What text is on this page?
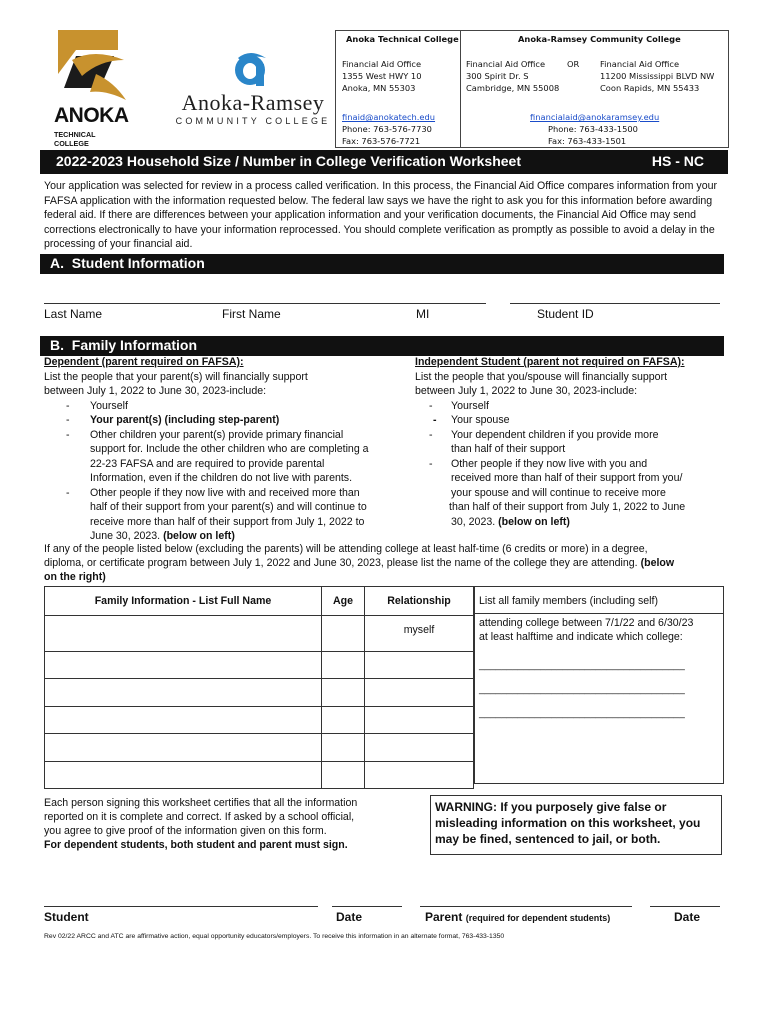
ANOKA
TECHNICAL COLLEGE
Anoka-Ramsey
COMMUNITY COLLEGE
Anoka Technical College	Anoka-Ramsey Community College
Financial Aid Office
1355 West HWY 10
Anoka, MN 55303
Financial Aid Office
300 Spirit Dr. S
Cambridge, MN 55008
OR Financial Aid Office
11200 Mississippi BLVD NW
Coon Rapids, MN 55433
finaid@anokatech.edu
Phone: 763-576-7730
Fax: 763-576-7721
financialaid@anokaramsey.edu
Phone: 763-433-1500
Fax: 763-433-1501
2022-2023 Household Size / Number in College Verification Worksheet	HS - NC
Your application was selected for review in a process called verification. In this process, the Financial Aid Office compares information from your FAFSA application with the information requested below. The federal law says we have the right to ask you for this information before awarding federal aid. If there are differences between your application information and your verification documents, the Financial Aid Office may send corrections electronically to have your information reprocessed. You should complete verification as promptly as possible to avoid a delay in the processing of your financial aid.
A.  Student Information
Last Name	First Name	MI	Student ID
B.  Family Information
Dependent (parent required on FAFSA):
List the people that your parent(s) will financially support
between July 1, 2022 to June 30, 2023-include:
- Yourself
- Your parent(s) (including step-parent)
- Other children your parent(s) provide primary financial
support for. Include the other children who are completing a
22-23 FAFSA and are required to provide parental
Information, even if the children do not live with parents.
- Other people if they now live with and received more than
half of their support from your parent(s) and will continue to
receive more than half of their support from July 1, 2022 to
June 30, 2023. (below on left)
Independent Student (parent not required on FAFSA):
List the people that you/spouse will financially support
between July 1, 2022 to June 30, 2023-include:
- Yourself
- Your spouse
- Your dependent children if you provide more
than half of their support
- Other people if they now live with you and
received more than half of their support from you/
your spouse and will continue to receive more
than half of their support from July 1, 2022 to June
30, 2023. (below on left)
If any of the people listed below (excluding the parents) will be attending college at least half-time (6 credits or more) in a degree,
diploma, or certificate program between July 1, 2022 and June 30, 2023, please list the name of the college they are attending. (below
on the right)
Family Information - List Full Name	Age	Relationship
		myself

List all family members (including self)
attending college between 7/1/22 and 6/30/23
at least halftime and indicate which college:
_____________________________________
_____________________________________
_____________________________________
Each person signing this worksheet certifies that all the information
reported on it is complete and correct. If asked by a school official,
you agree to give proof of the information given on this form.
For dependent students, both student and parent must sign.
WARNING: If you purposely give false or misleading information on this worksheet, you may be fined, sentenced to jail, or both.
Student	Date	Parent (required for dependent students)	Date
Rev 02/22 ARCC and ATC are affirmative action, equal opportunity educators/employers. To receive this information in an alternate format, 763-433-1350
